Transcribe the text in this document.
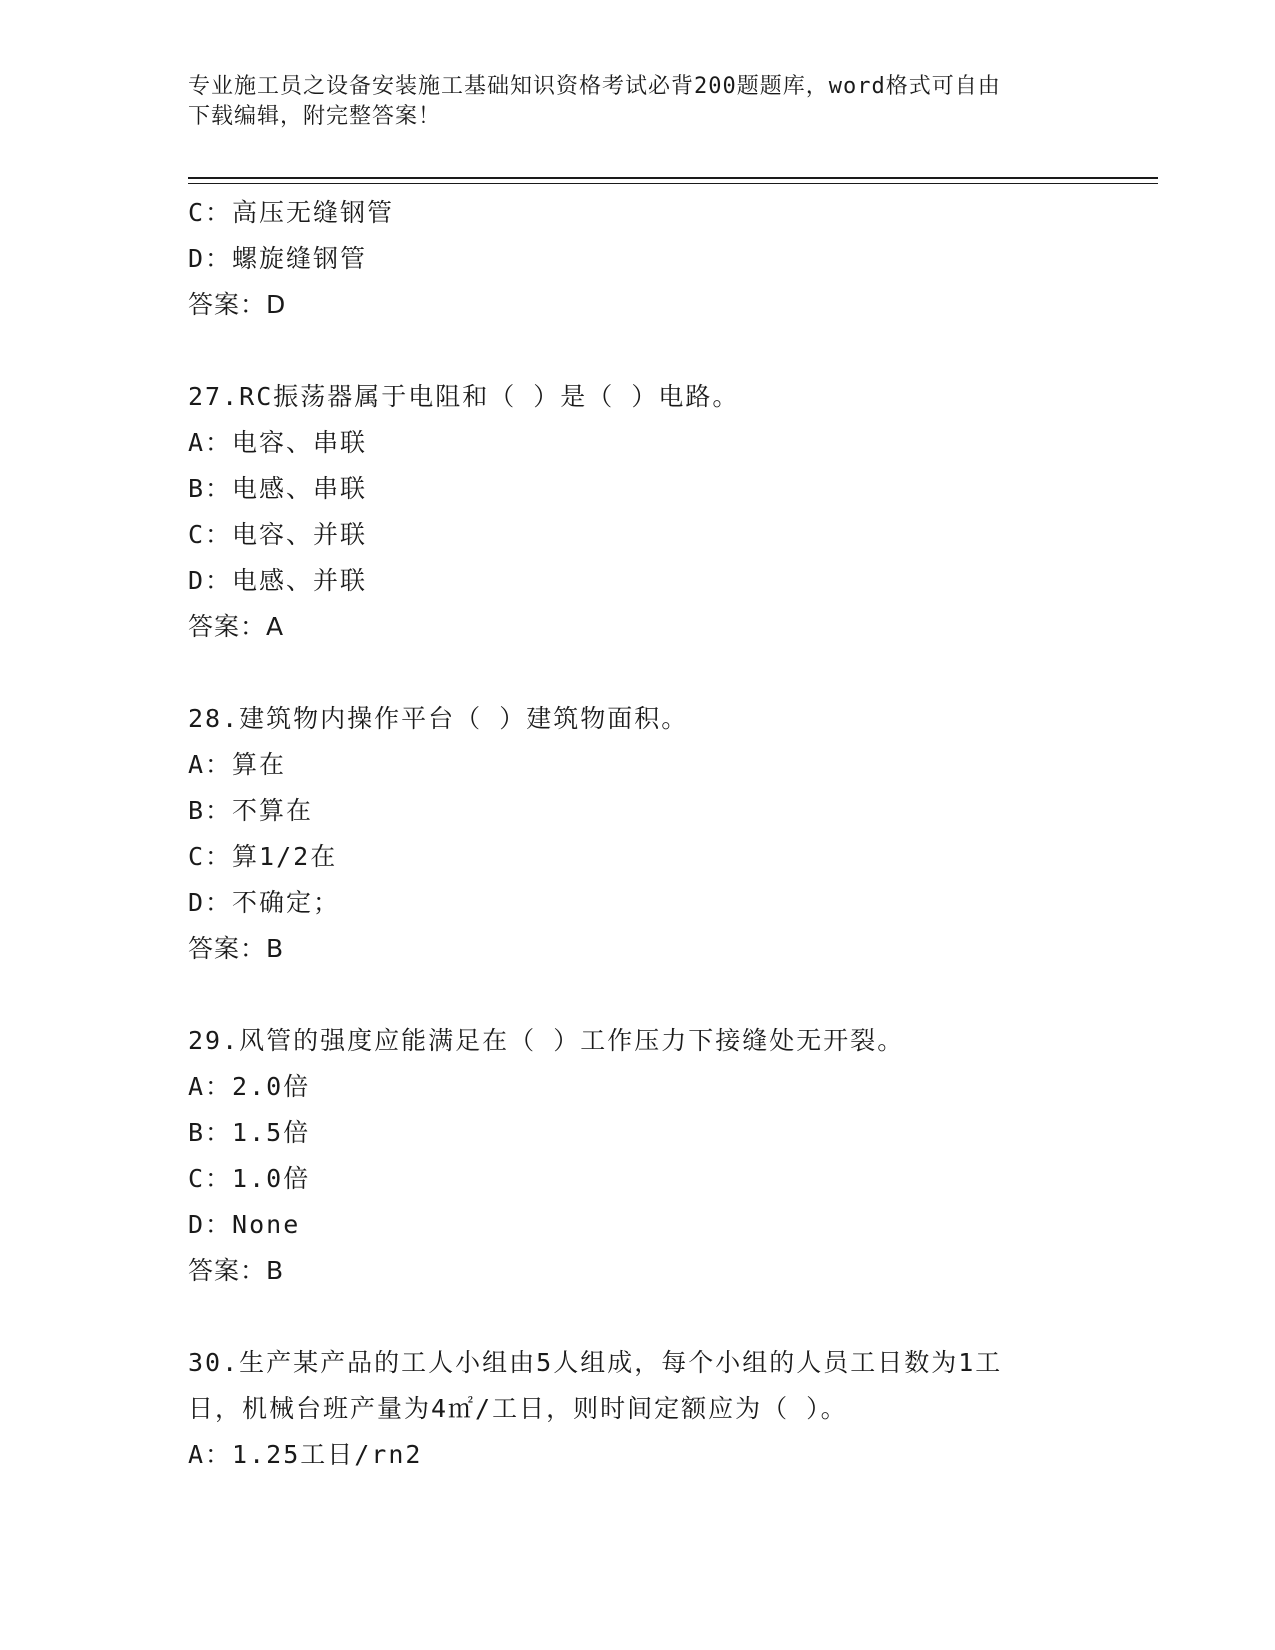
专业施工员之设备安装施工基础知识资格考试必背200题题库，word格式可自由
下载编辑，附完整答案！
C：高压无缝钢管
D：螺旋缝钢管
答案：D
27.RC振荡器属于电阻和（ ）是（ ）电路。
A：电容、串联
B：电感、串联
C：电容、并联
D：电感、并联
答案：A
28.建筑物内操作平台（ ）建筑物面积。
A：算在
B：不算在
C：算1/2在
D：不确定；
答案：B
29.风管的强度应能满足在（ ）工作压力下接缝处无开裂。
A：2.0倍
B：1.5倍
C：1.0倍
D：None
答案：B
30.生产某产品的工人小组由5人组成，每个小组的人员工日数为1工
日，机械台班产量为4㎡/工日，则时间定额应为（ ）。
A：1.25工日/rn2
